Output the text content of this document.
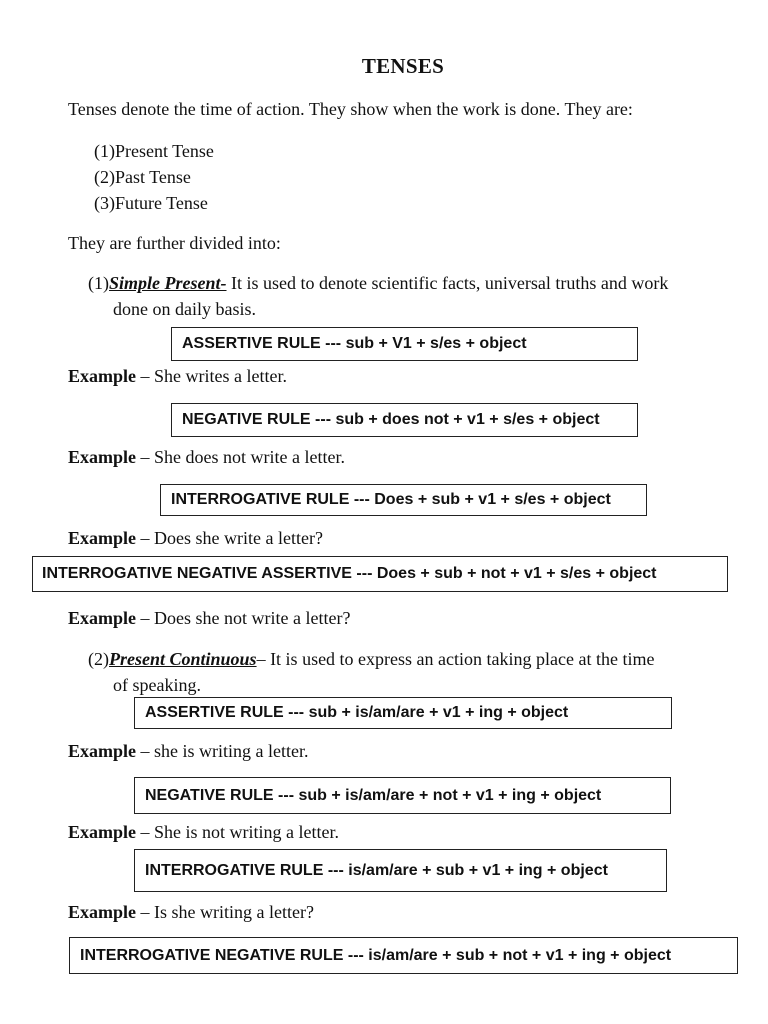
TENSES
Tenses denote the time of action. They show when the work is done. They are:
(1)Present Tense
(2)Past Tense
(3)Future Tense
They are further divided into:
(1)Simple Present- It is used to denote scientific facts, universal truths and work
done on daily basis.
ASSERTIVE RULE --- sub + V1 + s/es + object
Example – She writes a letter.
NEGATIVE RULE --- sub + does not + v1 + s/es + object
Example – She does not write a letter.
INTERROGATIVE RULE --- Does + sub + v1 + s/es + object
Example – Does she write a letter?
INTERROGATIVE NEGATIVE ASSERTIVE --- Does + sub + not + v1 + s/es + object
Example – Does she not write a letter?
(2)Present Continuous– It is used to express an action taking place at the time
of speaking.
ASSERTIVE RULE --- sub + is/am/are + v1 + ing + object
Example – she is writing a letter.
NEGATIVE RULE --- sub + is/am/are + not + v1 + ing + object
Example – She is not writing a letter.
INTERROGATIVE RULE --- is/am/are + sub + v1 + ing + object
Example – Is she writing a letter?
INTERROGATIVE NEGATIVE RULE --- is/am/are + sub + not + v1 + ing + object
